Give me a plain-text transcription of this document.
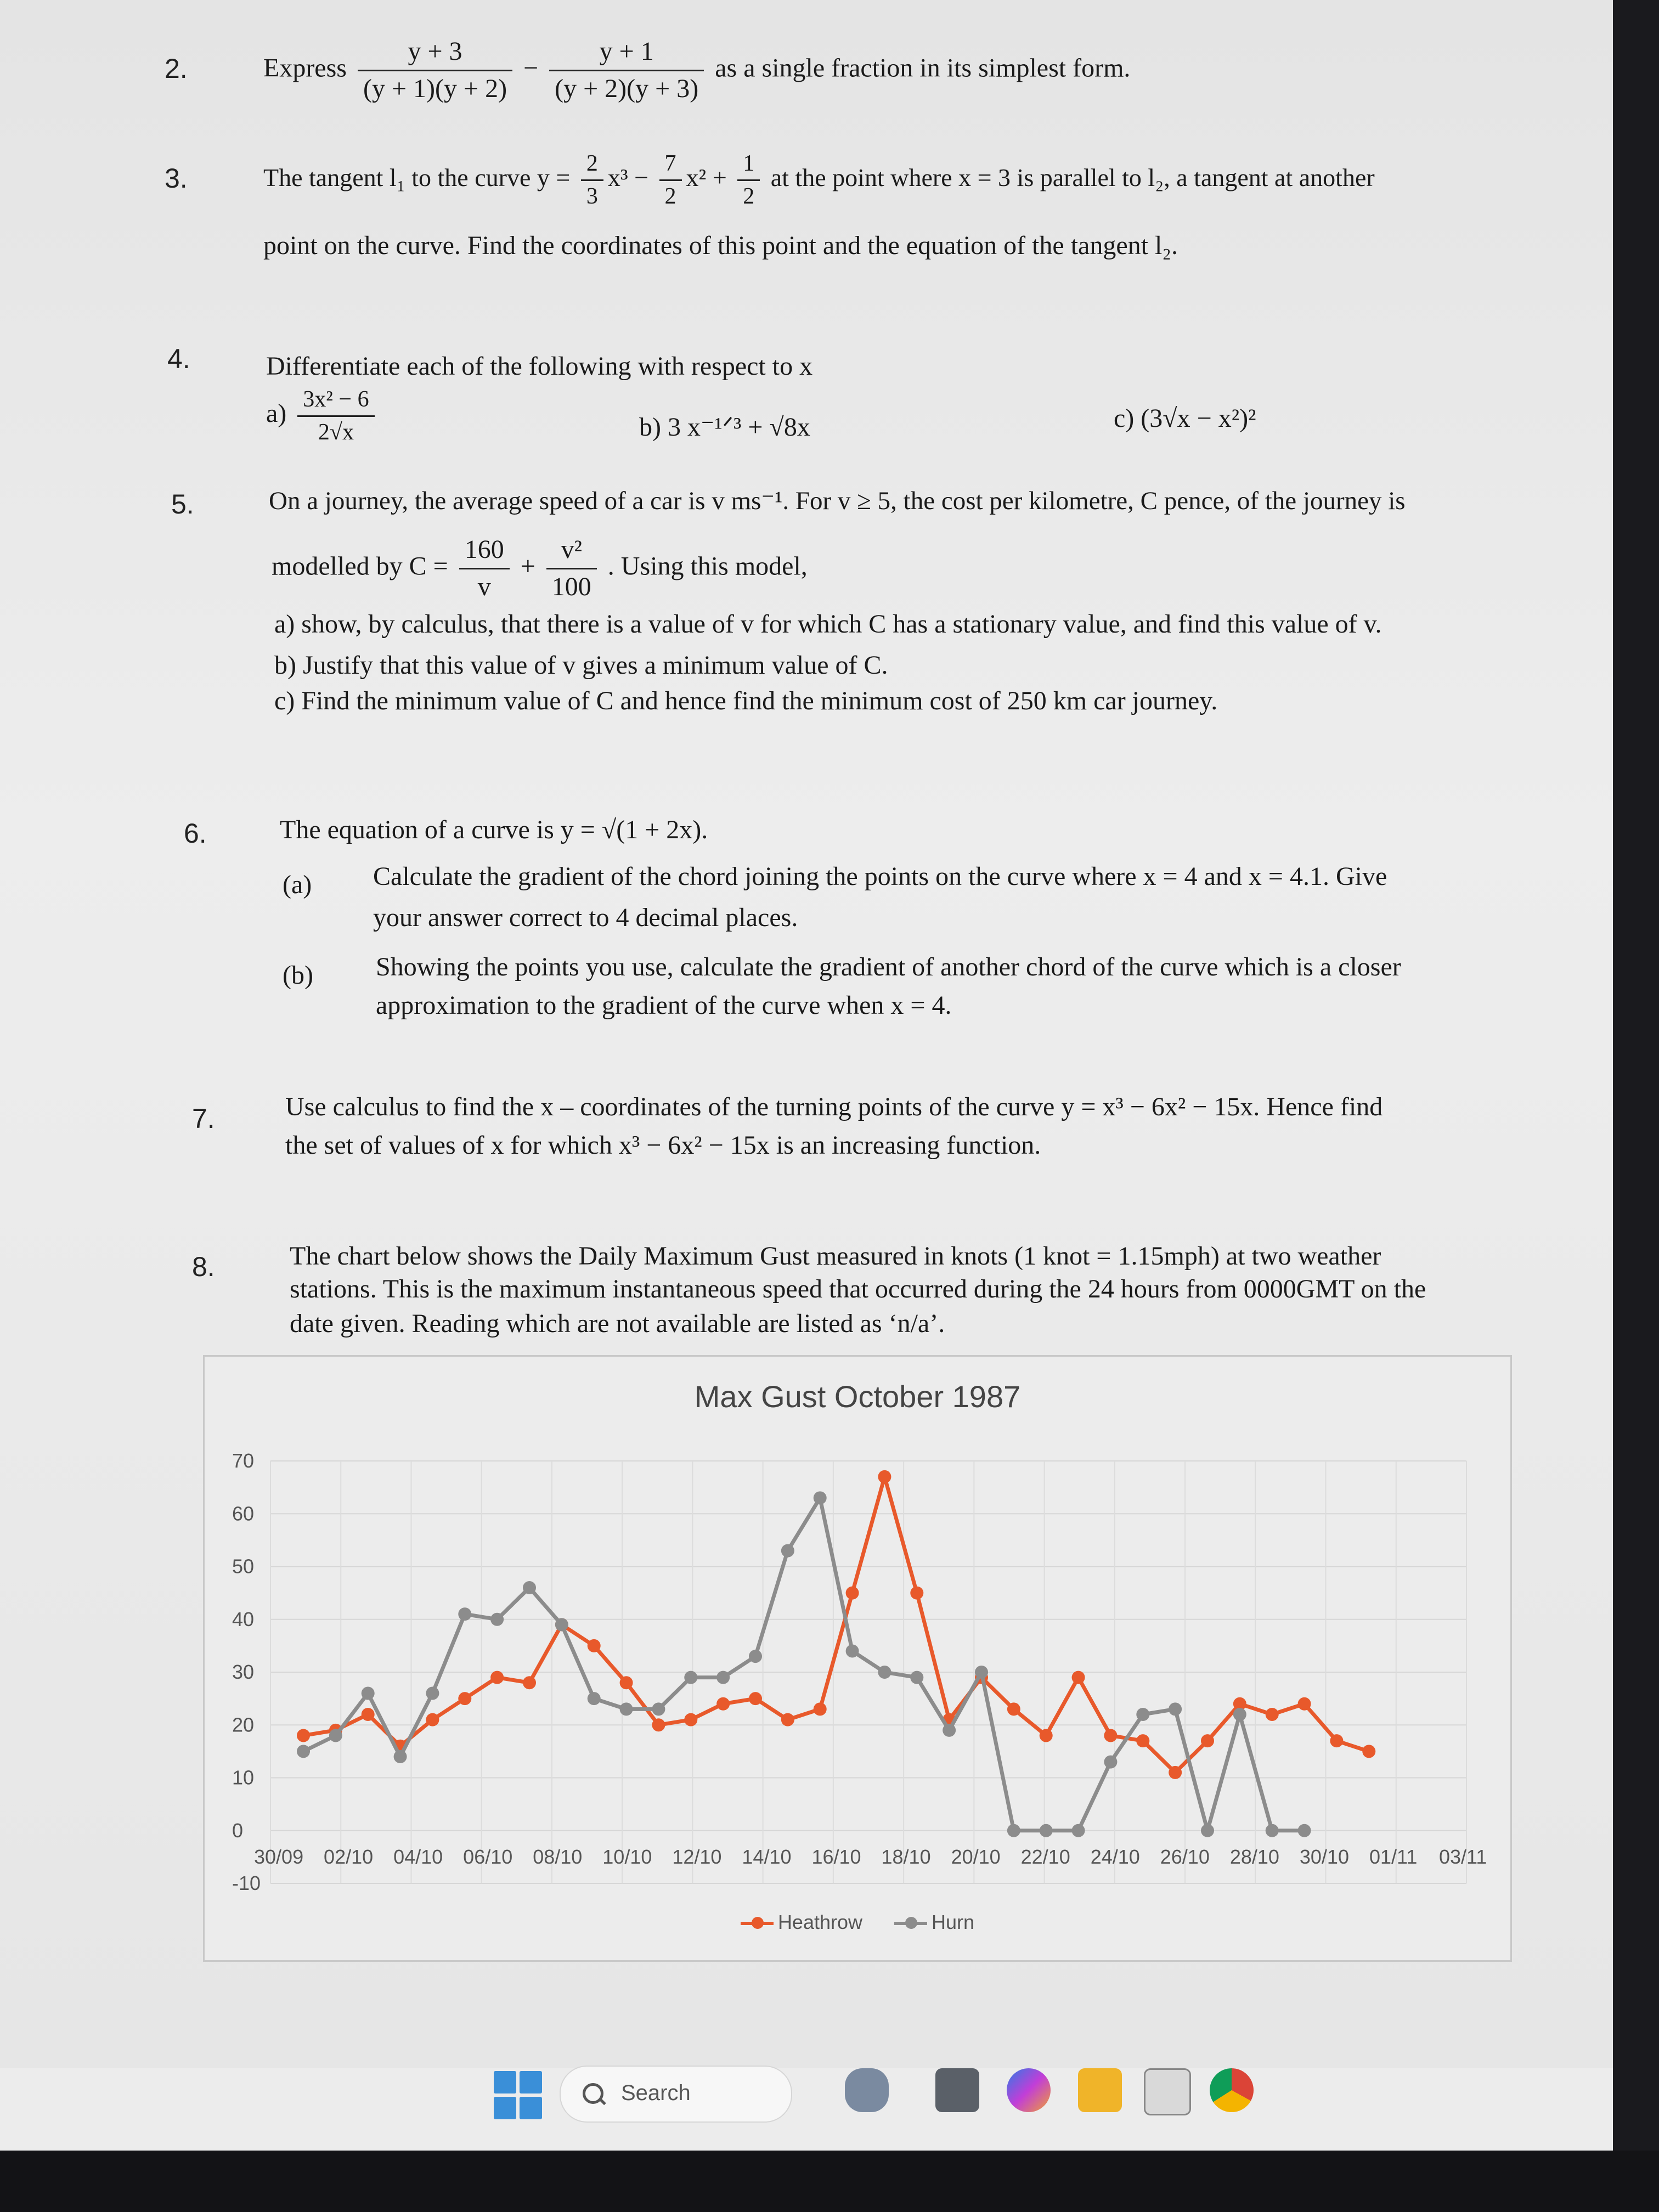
2.	Express $\frac{y + 3}{(y + 1)(y + 2)} - \frac{y + 1}{(y + 2)(y + 3)}$ as a single fraction in its simplest form.
3.	The tangent l₁ to the curve $y = \frac{2}{3} x^3 - \frac{7}{2} x^2 + \frac{1}{2}$ at the point where x = 3 is parallel to l₂, a tangent at another
point on the curve. Find the coordinates of this point and the equation of the tangent l₂.
4.	Differentiate each of the following with respect to x
$a) \frac{\text{3x² − 6}}{2√x}$	b) 3 x⁻¹ᐟ³ + √8x	c) (3√x − x²)²
5.	On a journey, the average speed of a car is v ms⁻¹. For v ≥ 5, the cost per kilometre, C pence, of the journey is
modelled by $C = \frac{160}{v} + \frac{\text{v²}}{100}$ . Using this model,
a) show, by calculus, that there is a value of v for which C has a stationary value, and find this value of v.
b) Justify that this value of v gives a minimum value of C.
c) Find the minimum value of C and hence find the minimum cost of 250 km car journey.
6.	The equation of a curve is y = √(1 + 2x).
(a) Calculate the gradient of the chord joining the points on the curve where x = 4 and x = 4.1. Give
your answer correct to 4 decimal places.
(b) Showing the points you use, calculate the gradient of another chord of the curve which is a closer
approximation to the gradient of the curve when x = 4.
7.	Use calculus to find the x – coordinates of the turning points of the curve y = x³ − 6x² − 15x. Hence find
the set of values of x for which x³ − 6x² − 15x is an increasing function.
8.	The chart below shows the Daily Maximum Gust measured in knots (1 knot = 1.15mph) at two weather
stations. This is the maximum instantaneous speed that occurred during the 24 hours from 0000GMT on the
date given. Reading which are not available are listed as ‘n/a’.
-10
0
10
20
30
40
50
60
70
30/09 02/10 04/10 06/10 08/10 10/10 12/10 14/10 16/10 18/10 20/10 22/10 24/10 26/10 28/10 30/10 01/11 03/11
Max Gust October 1987
Heathrow	Hurn
Search
